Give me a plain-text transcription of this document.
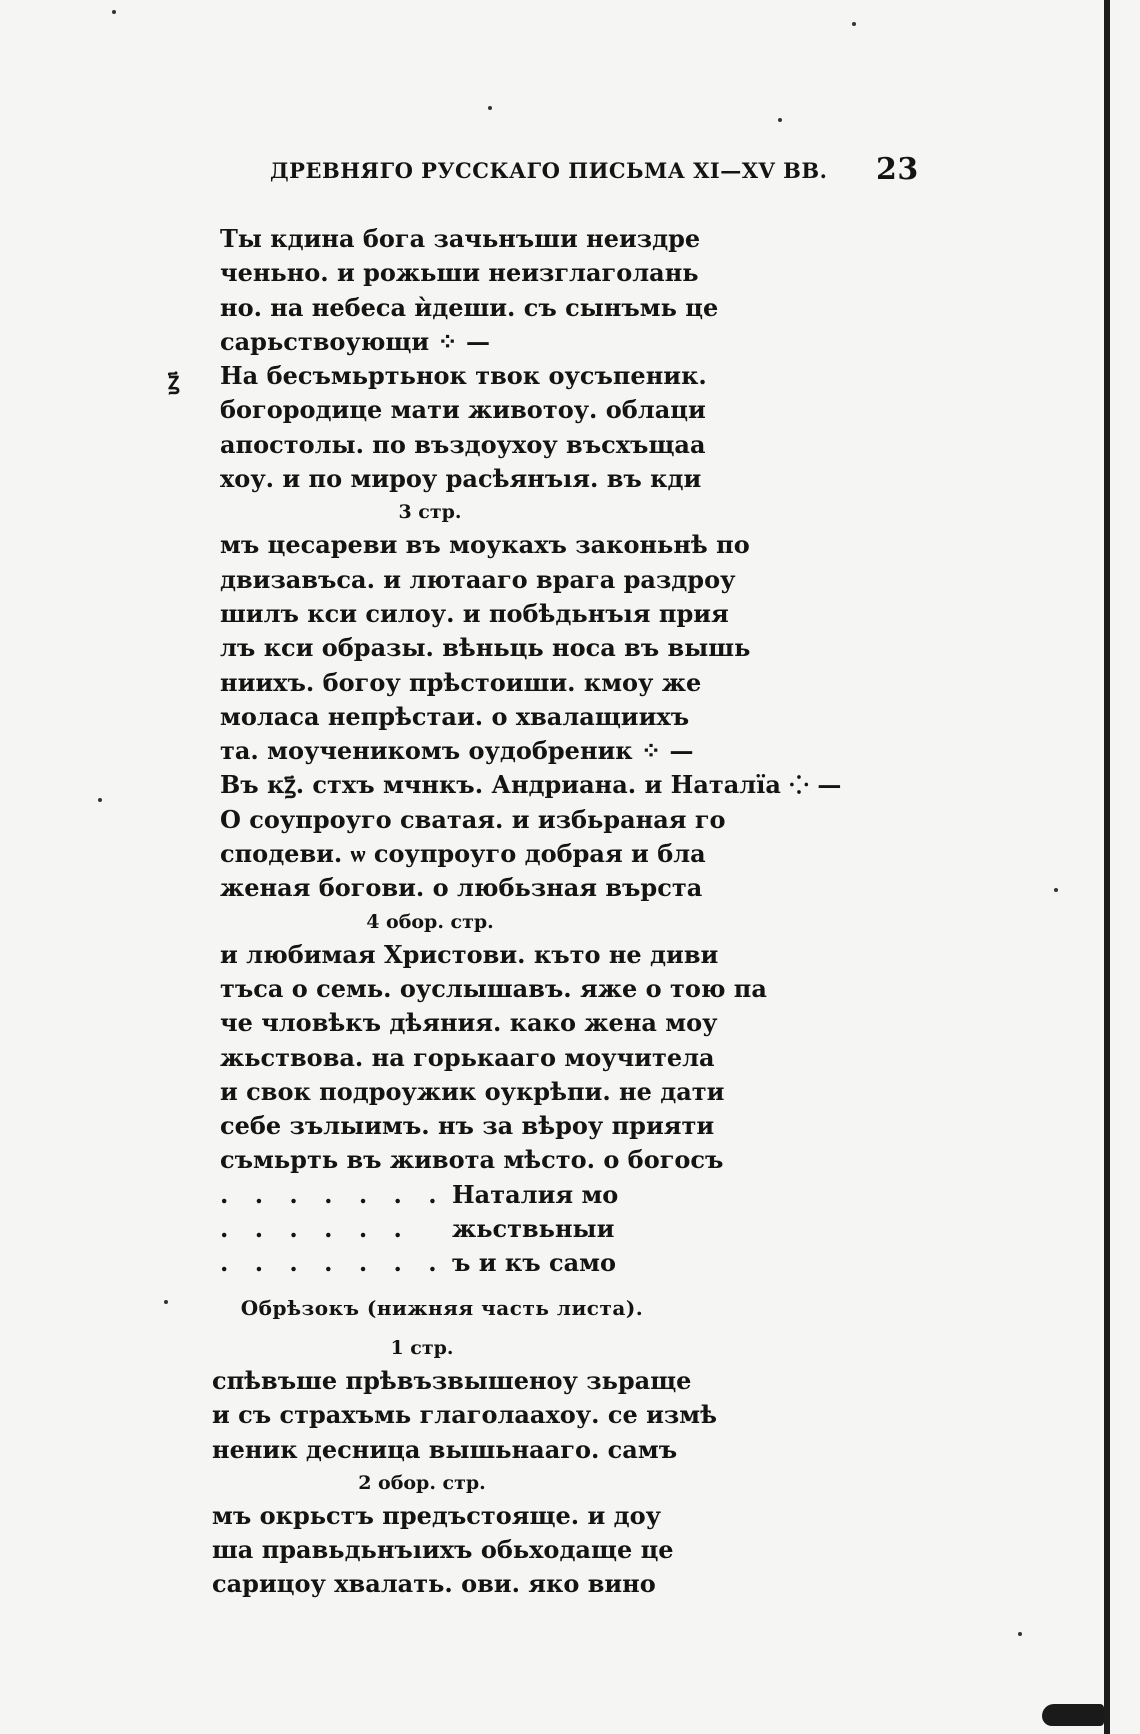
ДРЕВНЯГО РУССКАГО ПИСЬМА XI—XV ВВ. 23
ꙁ҃
Ты кдина бога зачьнъши неиздре
ченьно. и рожьши неизглаголань
но. на небеса ѝдеши. съ сынъмь це
сарьствоующи ⁘ —
На бесъмьртьнок твок оусъпеник.
богородице мати животоу. облаци
апостолы. по въздоухоу въсхъщаа
хоу. и по мироу расѣянъıя. въ кди
3 стр.
мъ цесареви въ моукахъ законьнѣ по
двизавъса. и лютааго врага раздроу
шилъ кси силоу. и побѣдьнъıя прия
лъ кси образы. вѣньць носа въ вышь
ниихъ. богоу прѣстоиши. кмоу же
моласа непрѣстаи. о хвалащиихъ
та. моученикомъ оудобреник ⁘ —
Въ кꙁ҃. стхъ мчнкъ. Андриана. и Наталїа ⁘ —
О соупроуго сватая. и избьраная го
сподеви. ѡ соупроуго добрая и бла
женая богови. о любьзная върста
4 обор. стр.
и любимая Христови. къто не диви
тъса о семь. оуслышавъ. яже о тою па
че чловѣкъ дѣяния. како жена моу
жьствова. на горькааго моучитела
и свок подроужик оукрѣпи. не дати
себе зълыимъ. нъ за вѣроу прияти
съмьрть въ живота мѣсто. о богосъ
. . . . . . . Наталия мо
. . . . . .	жьствьныи
. . . . . . . ъ и къ само
Обрѣзокъ (нижняя часть листа).
1 стр.
спѣвъше прѣвъзвышеноу зьраще
и съ страхъмь глаголаахоу. се измѣ
неник десница вышьнааго. самъ
2 обор. стр.
мъ окрьстъ предъстояще. и доу
ша правьдьнъıихъ обьходаще це
сарицоу хвалать. ови. яко вино
